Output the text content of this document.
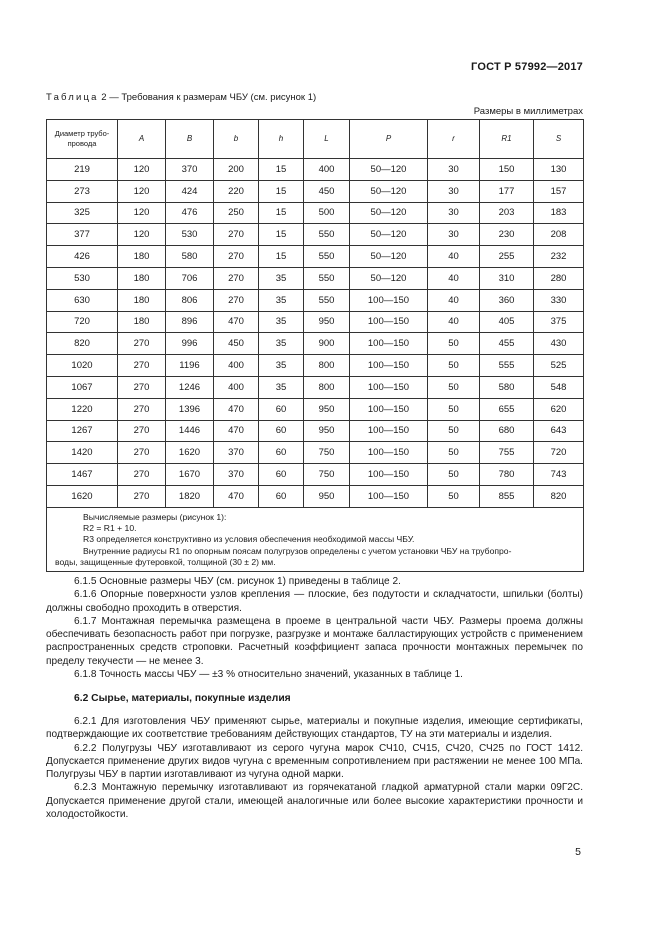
ГОСТ Р 57992—2017
Таблица 2 — Требования к размерам ЧБУ (см. рисунок 1)
Размеры в миллиметрах
Диаметр трубо-провода	A	B	b	h	L	P	r	R1	S
219	120	370	200	15	400	50—120	30	150	130
273	120	424	220	15	450	50—120	30	177	157
325	120	476	250	15	500	50—120	30	203	183
377	120	530	270	15	550	50—120	30	230	208
426	180	580	270	15	550	50—120	40	255	232
530	180	706	270	35	550	50—120	40	310	280
630	180	806	270	35	550	100—150	40	360	330
720	180	896	470	35	950	100—150	40	405	375
820	270	996	450	35	900	100—150	50	455	430
1020	270	1196	400	35	800	100—150	50	555	525
1067	270	1246	400	35	800	100—150	50	580	548
1220	270	1396	470	60	950	100—150	50	655	620
1267	270	1446	470	60	950	100—150	50	680	643
1420	270	1620	370	60	750	100—150	50	755	720
1467	270	1670	370	60	750	100—150	50	780	743
1620	270	1820	470	60	950	100—150	50	855	820

Вычисляемые размеры (рисунок 1):
R2 = R1 + 10.
R3 определяется конструктивно из условия обеспечения необходимой массы ЧБУ.
Внутренние радиусы R1 по опорным поясам полугрузов определены с учетом установки ЧБУ на трубопро-
воды, защищенные футеровкой, толщиной (30 ± 2) мм.									

6.1.5 Основные размеры ЧБУ (см. рисунок 1) приведены в таблице 2.

6.1.6 Опорные поверхности узлов крепления — плоские, без подутости и складчатости, шпильки (болты) должны свободно проходить в отверстия.

6.1.7 Монтажная перемычка размещена в проеме в центральной части ЧБУ. Размеры проема должны обеспечивать безопасность работ при погрузке, разгрузке и монтаже балластирующих устройств с применением распространенных средств строповки. Расчетный коэффициент запаса прочности монтажных перемычек по пределу текучести — не менее 3.

6.1.8 Точность массы ЧБУ — ±3 % относительно значений, указанных в таблице 1.

6.2 Сырье, материалы, покупные изделия

6.2.1 Для изготовления ЧБУ применяют сырье, материалы и покупные изделия, имеющие сертификаты, подтверждающие их соответствие требованиям действующих стандартов, ТУ на эти материалы и изделия.

6.2.2 Полугрузы ЧБУ изготавливают из серого чугуна марок СЧ10, СЧ15, СЧ20, СЧ25 по ГОСТ 1412. Допускается применение других видов чугуна с временным сопротивлением при растяжении не менее 100 МПа. Полугрузы ЧБУ в партии изготавливают из чугуна одной марки.

6.2.3 Монтажную перемычку изготавливают из горячекатаной гладкой арматурной стали марки 09Г2С. Допускается применение другой стали, имеющей аналогичные или более высокие характеристики прочности и холодостойкости.

5
